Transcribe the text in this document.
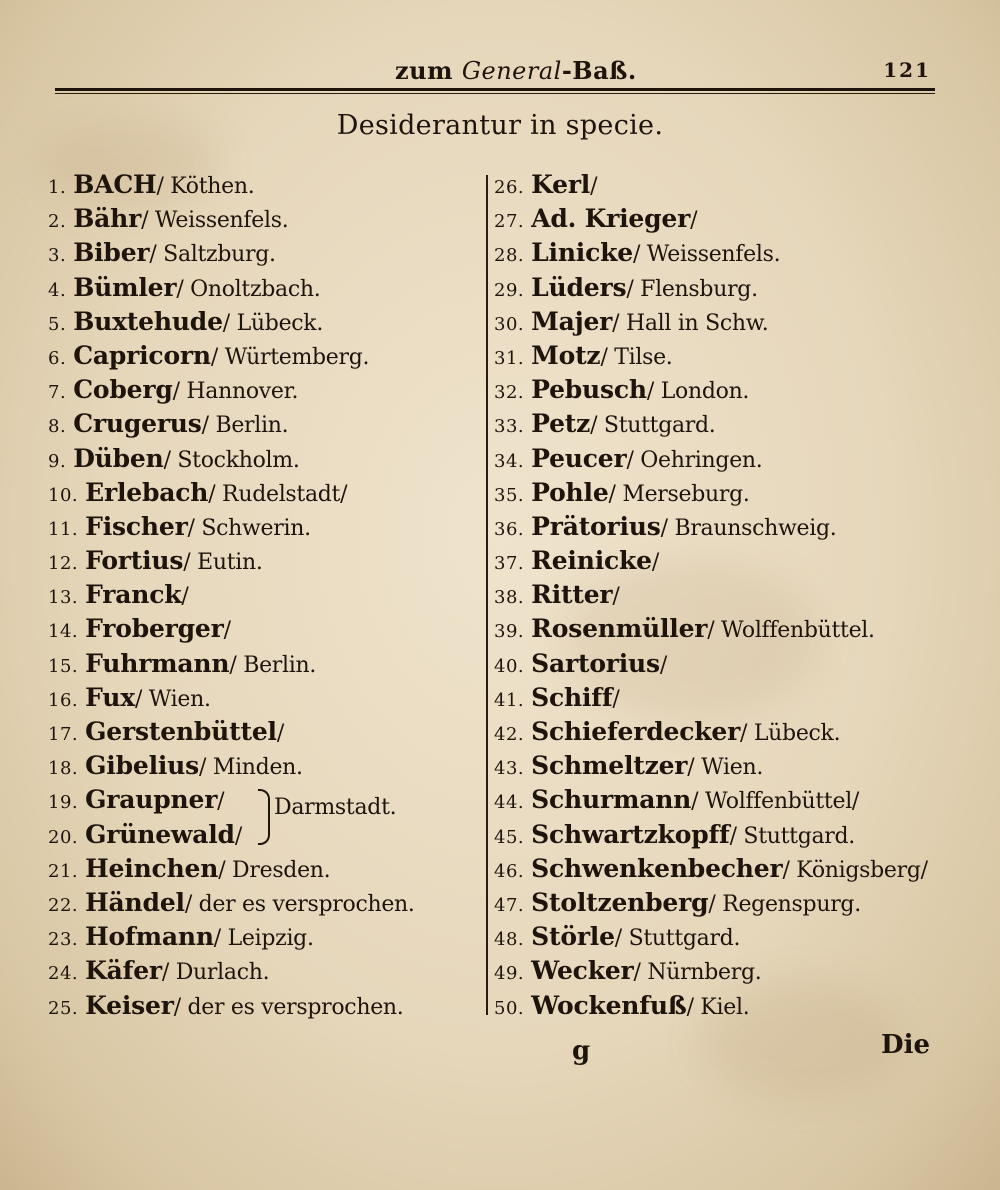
zum General-Baß.	121
Desiderantur in specie.
1. BACH/ Köthen.
2. Bähr/ Weissenfels.
3. Biber/ Saltzburg.
4. Bümler/ Onoltzbach.
5. Buxtehude/ Lübeck.
6. Capricorn/ Würtemberg.
7. Coberg/ Hannover.
8. Crugerus/ Berlin.
9. Düben/ Stockholm.
10. Erlebach/ Rudelstadt/
11. Fischer/ Schwerin.
12. Fortius/ Eutin.
13. Franck/
14. Froberger/
15. Fuhrmann/ Berlin.
16. Fux/ Wien.
17. Gerstenbüttel/
18. Gibelius/ Minden.
19. Graupner/
20. Grünewald/
21. Heinchen/ Dresden.
22. Händel/ der es versprochen.
23. Hofmann/ Leipzig.
24. Käfer/ Durlach.
25. Keiser/ der es versprochen.
26. Kerl/
27. Ad. Krieger/
28. Linicke/ Weissenfels.
29. Lüders/ Flensburg.
30. Majer/ Hall in Schw.
31. Motz/ Tilse.
32. Pebusch/ London.
33. Petz/ Stuttgard.
34. Peucer/ Oehringen.
35. Pohle/ Merseburg.
36. Prätorius/ Braunschweig.
37. Reinicke/
38. Ritter/
39. Rosenmüller/ Wolffenbüttel.
40. Sartorius/
41. Schiff/
42. Schieferdecker/ Lübeck.
43. Schmeltzer/ Wien.
44. Schurmann/ Wolffenbüttel/
45. Schwartzkopff/ Stuttgard.
46. Schwenkenbecher/ Königsberg/
47. Stoltzenberg/ Regenspurg.
48. Störle/ Stuttgard.
49. Wecker/ Nürnberg.
50. Wockenfuß/ Kiel.
Darmstadt.
g	Die
